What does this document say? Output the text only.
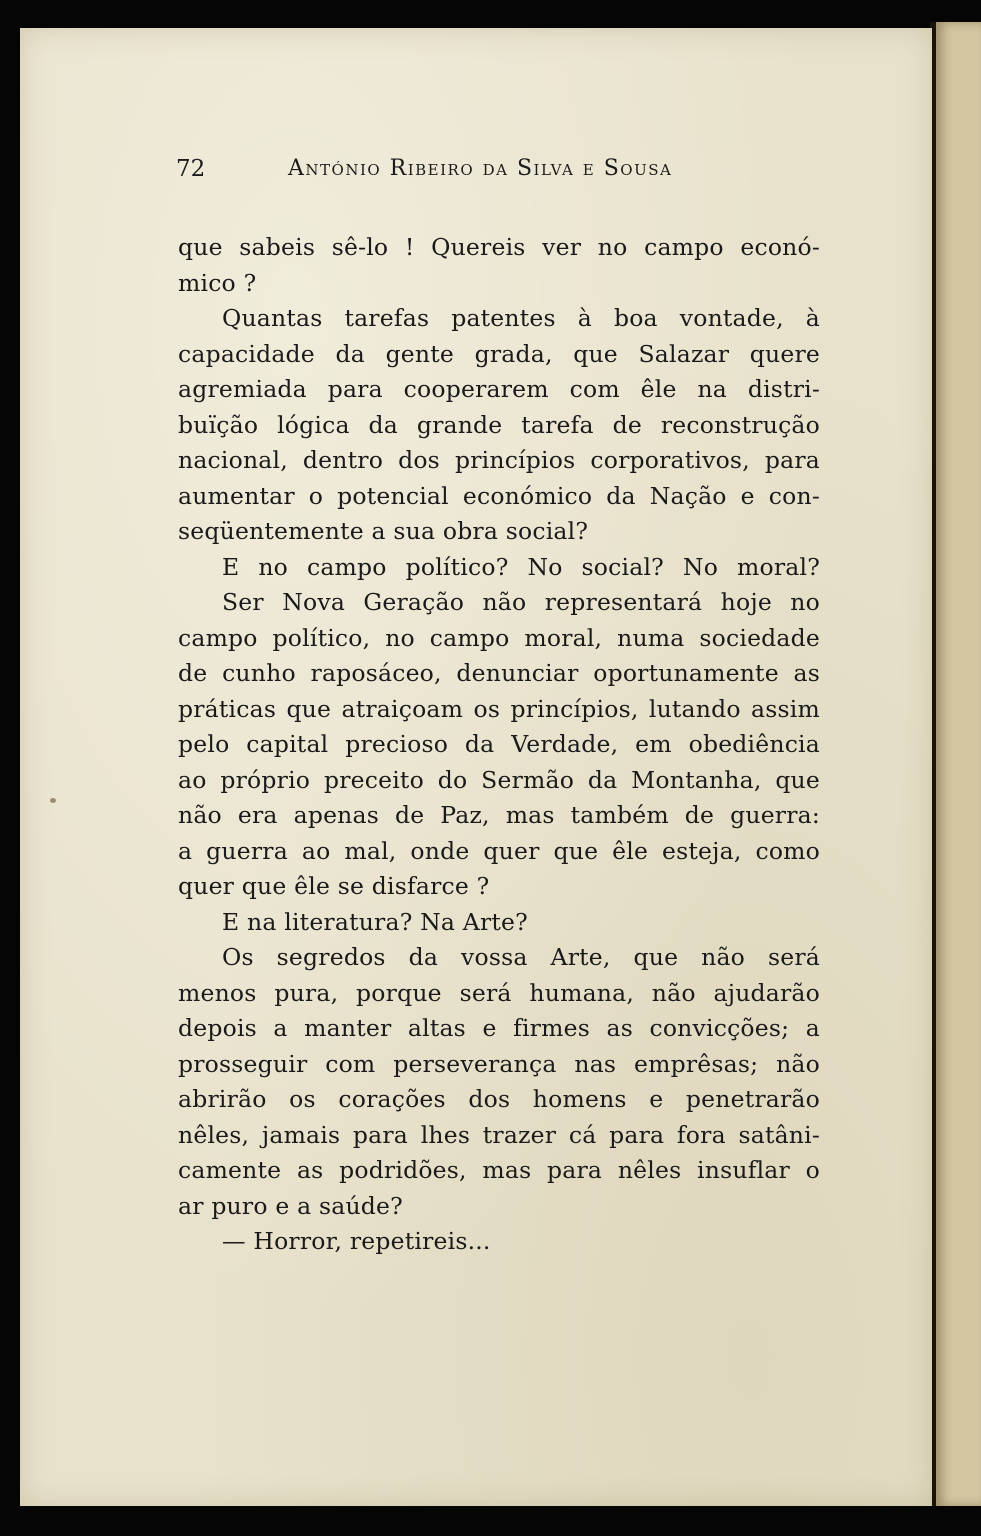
72	António Ribeiro da Silva e Sousa
que sabeis sê-lo ! Quereis ver no campo econó-
mico ?
Quantas tarefas patentes à boa vontade, à
capacidade da gente grada, que Salazar quere
agremiada para cooperarem com êle na distri-
buïção lógica da grande tarefa de reconstrução
nacional, dentro dos princípios corporativos, para
aumentar o potencial económico da Nação e con-
seqüentemente a sua obra social?
E no campo político? No social? No moral?
Ser Nova Geração não representará hoje no
campo político, no campo moral, numa sociedade
de cunho raposáceo, denunciar oportunamente as
práticas que atraiçoam os princípios, lutando assim
pelo capital precioso da Verdade, em obediência
ao próprio preceito do Sermão da Montanha, que
não era apenas de Paz, mas também de guerra:
a guerra ao mal, onde quer que êle esteja, como
quer que êle se disfarce ?
E na literatura? Na Arte?
Os segredos da vossa Arte, que não será
menos pura, porque será humana, não ajudarão
depois a manter altas e firmes as convicções; a
prosseguir com perseverança nas emprêsas; não
abrirão os corações dos homens e penetrarão
nêles, jamais para lhes trazer cá para fora satâni-
camente as podridões, mas para nêles insuflar o
ar puro e a saúde?
— Horror, repetireis...
